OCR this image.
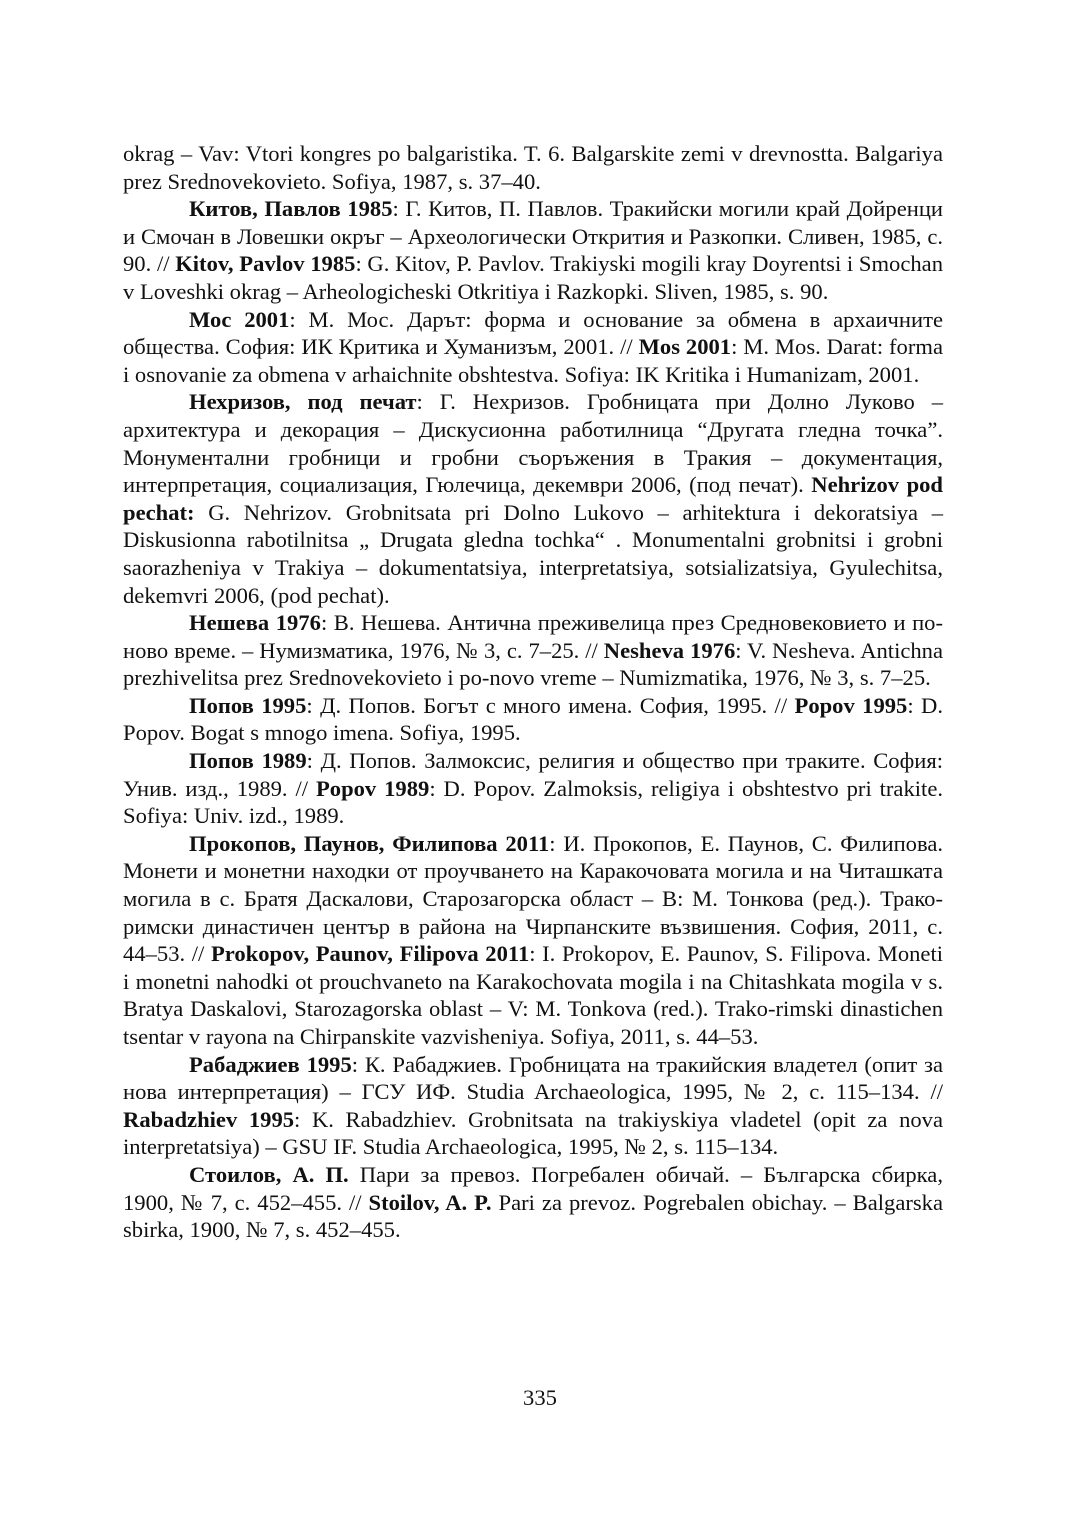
okrag – Vav: Vtori kongres po balgaristika. T. 6. Balgarskite zemi v drevnostta. Balgariya prez Srednovekovieto. Sofiya, 1987, s. 37–40.

Китов, Павлов 1985: Г. Китов, П. Павлов. Тракийски могили край Дойренци и Смочан в Ловешки окръг – Археологически Открития и Разкопки. Сливен, 1985, с. 90. // Kitov, Pavlov 1985: G. Kitov, P. Pavlov. Trakiyski mogili kray Doyrentsi i Smochan v Loveshki okrag – Arheologicheski Otkritiya i Razkopki. Sliven, 1985, s. 90.

Мос 2001: М. Мос. Дарът: форма и основание за обмена в архаичните общества. София: ИК Критика и Хуманизъм, 2001. // Mos 2001: M. Mos. Darat: forma i osnovanie za obmena v arhaichnite obshtestva. Sofiya: IK Kritika i Humanizam, 2001.

Нехризов, под печат: Г. Нехризов. Гробницата при Долно Луково – архитектура и декорация – Дискусионна работилница “Другата гледна точка”. Монументални гробници и гробни съоръжения в Тракия – документация, интерпретация, социализация, Гюлечица, декември 2006, (под печат). Nehrizov pod pechat: G. Nehrizov. Grobnitsata pri Dolno Lukovo – arhitektura i dekoratsiya – Diskusionna rabotilnitsa „ Drugata gledna tochka“ . Monumentalni grobnitsi i grobni saorazheniya v Trakiya – dokumentatsiya, interpretatsiya, sotsializatsiya, Gyulechitsa, dekemvri 2006, (pod pechat).

Нешева 1976: В. Нешева. Антична преживелица през Средновековието и по-ново време. – Нумизматика, 1976, № 3, с. 7–25. // Nesheva 1976: V. Nesheva. Antichna prezhivelitsa prez Srednovekovieto i po-novo vreme – Numizmatika, 1976, № 3, s. 7–25.

Попов 1995: Д. Попов. Богът с много имена. София, 1995. // Popov 1995: D. Popov. Bogat s mnogo imena. Sofiya, 1995.

Попов 1989: Д. Попов. Залмоксис, религия и общество при траките. София: Унив. изд., 1989. // Popov 1989: D. Popov. Zalmoksis, religiya i obshtestvo pri trakite. Sofiya: Univ. izd., 1989.

Прокопов, Паунов, Филипова 2011: И. Прокопов, Е. Паунов, С. Филипова. Монети и монетни находки от проучването на Каракочовата могила и на Читашката могила в с. Братя Даскалови, Старозагорска област – В: М. Тонкова (ред.). Трако-римски династичен център в района на Чирпанските възвишения. София, 2011, с. 44–53. // Prokopov, Paunov, Filipova 2011: I. Prokopov, E. Paunov, S. Filipova. Moneti i monetni nahodki ot prouchvaneto na Karakochovata mogila i na Chitashkata mogila v s. Bratya Daskalovi, Starozagorska oblast – V: M. Tonkova (red.). Trako-rimski dinastichen tsentar v rayona na Chirpanskite vazvisheniya. Sofiya, 2011, s. 44–53.

Рабаджиев 1995: К. Рабаджиев. Гробницата на тракийския владетел (опит за нова интерпретация) – ГСУ ИФ. Studia Archaeologica, 1995, № 2, с. 115–134. // Rabadzhiev 1995: K. Rabadzhiev. Grobnitsata na trakiyskiya vladetel (opit za nova interpretatsiya) – GSU IF. Studia Archaeologica, 1995, № 2, s. 115–134.

Стоилов, А. П. Пари за превоз. Погребален обичай. – Българска сбирка, 1900, № 7, с. 452–455. // Stoilov, A. P. Pari za prevoz. Pogrebalen obichay. – Balgarska sbirka, 1900, № 7, s. 452–455.

335
